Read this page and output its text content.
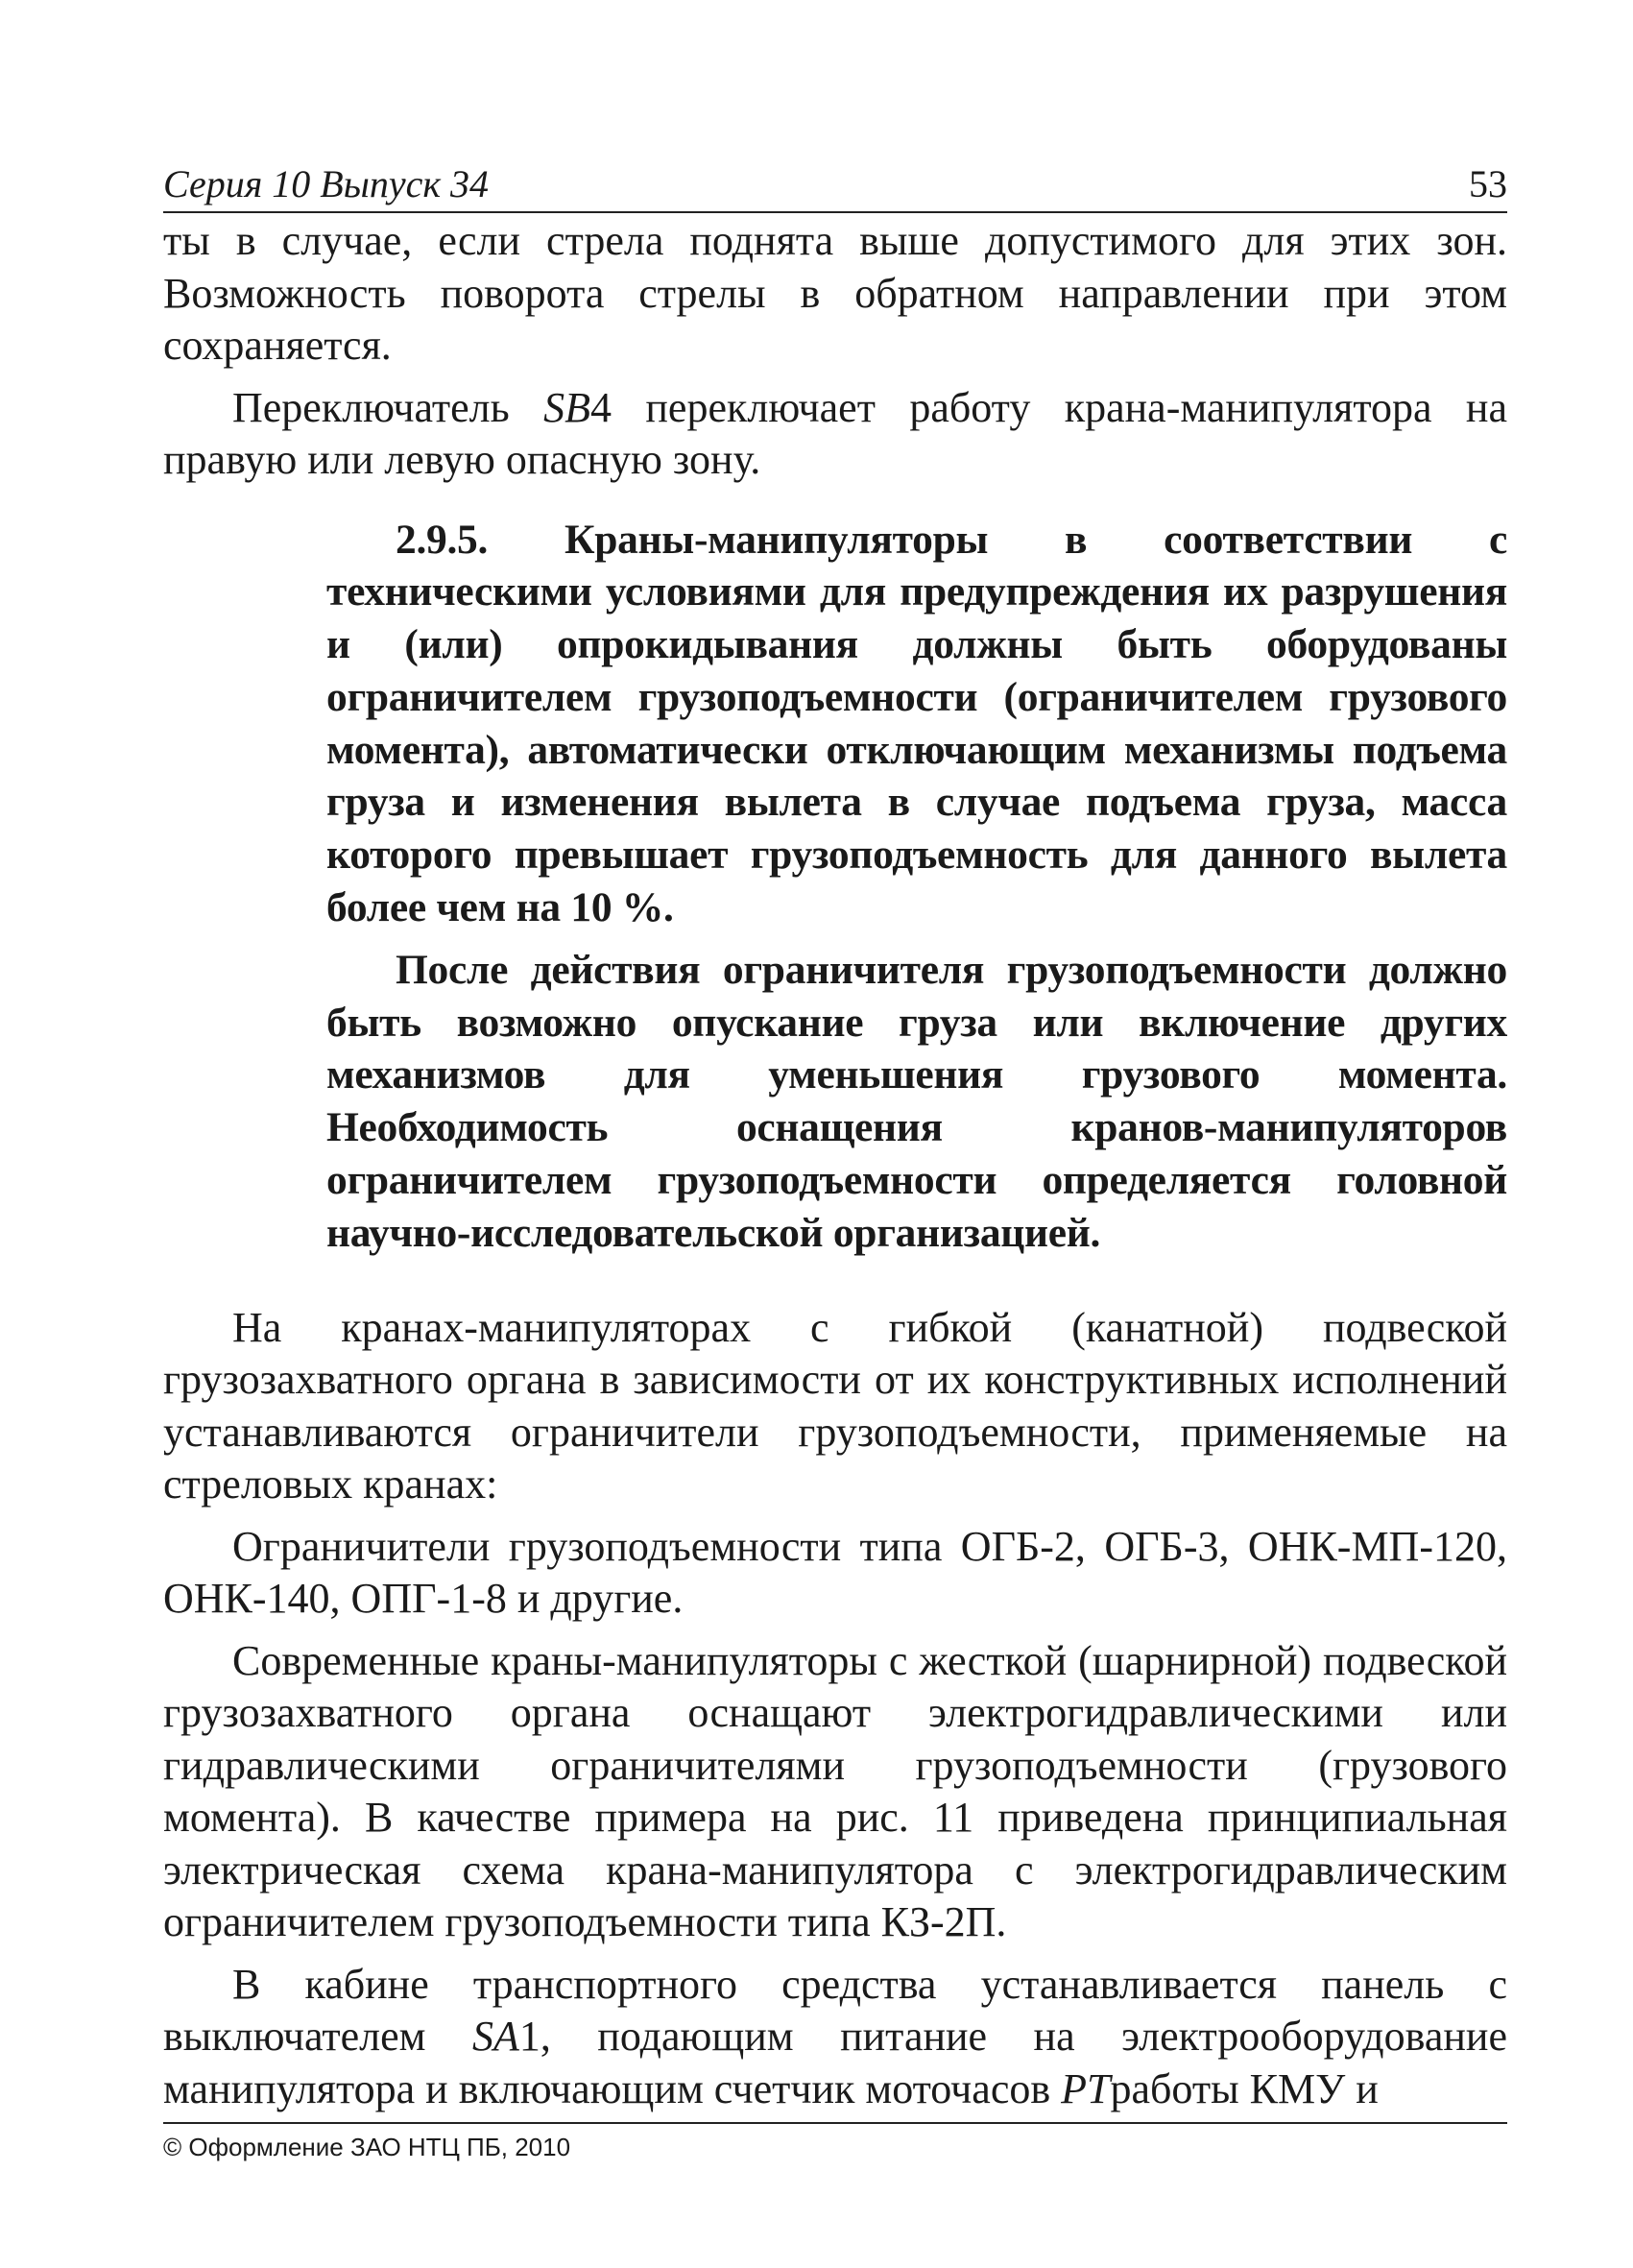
Серия 10 Выпуск 34	53

ты в случае, если стрела поднята выше допустимого для этих зон. Возможность поворота стрелы в обратном направлении при этом сохраняется.

Переключатель SB4 переключает работу крана-манипулятора на правую или левую опасную зону.

2.9.5. Краны-манипуляторы в соответствии с техническими условиями для предупреждения их разрушения и (или) опрокидывания должны быть оборудованы ограничителем грузоподъемности (ограничителем грузового момента), автоматически отключающим механизмы подъема груза и изменения вылета в случае подъема груза, масса которого превышает грузоподъемность для данного вылета более чем на 10 %.

После действия ограничителя грузоподъемности должно быть возможно опускание груза или включение других механизмов для уменьшения грузового момента. Необходимость оснащения кранов-манипуляторов ограничителем грузоподъемности определяется головной научно-исследовательской организацией.

На кранах-манипуляторах с гибкой (канатной) подвеской грузозахватного органа в зависимости от их конструктивных исполнений устанавливаются ограничители грузоподъемности, применяемые на стреловых кранах:

Ограничители грузоподъемности типа ОГБ-2, ОГБ-3, ОНК-МП-120, ОНК-140, ОПГ-1-8 и другие.

Современные краны-манипуляторы с жесткой (шарнирной) подвеской грузозахватного органа оснащают электрогидравлическими или гидравлическими ограничителями грузоподъемности (грузового момента). В качестве примера на рис. 11 приведена принципиальная электрическая схема крана-манипулятора с электрогидравлическим ограничителем грузоподъемности типа КЗ-2П.

В кабине транспортного средства устанавливается панель с выключателем SA1, подающим питание на электрооборудование манипулятора и включающим счетчик моточасов PTработы КМУ и

© Оформление ЗАО НТЦ ПБ, 2010
